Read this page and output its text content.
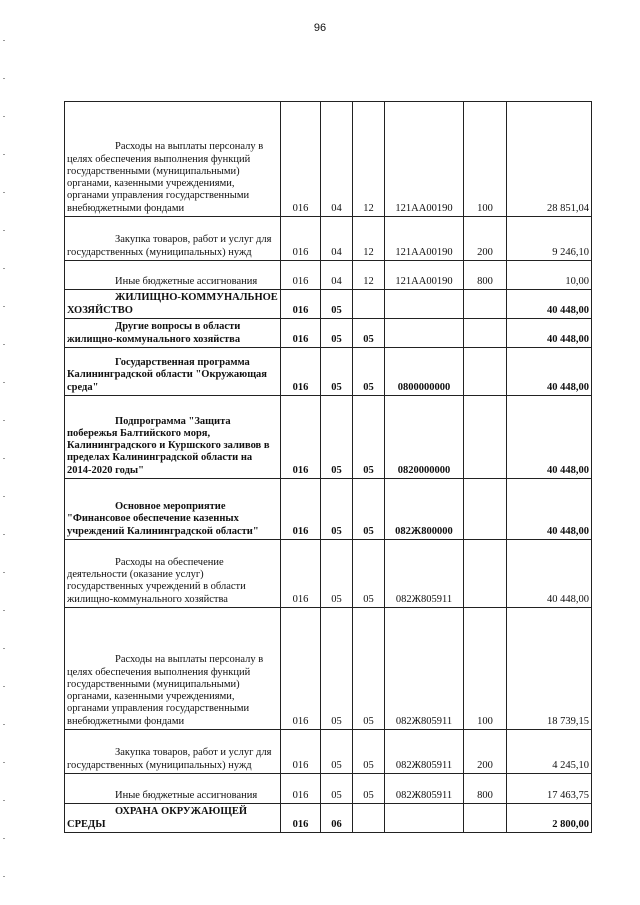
96
Расходы на выплаты персоналу в целях обеспечения выполнения функций государственными (муниципальными) органами, казенными учреждениями, органами управления государственными внебюджетными фондами	016	04	12	121AA00190	100	28 851,04
Закупка товаров, работ и услуг для государственных (муниципальных) нужд	016	04	12	121AA00190	200	9 246,10
Иные бюджетные ассигнования	016	04	12	121AA00190	800	10,00
ЖИЛИЩНО-КОММУНАЛЬНОЕ ХОЗЯЙСТВО	016	05				40 448,00
Другие вопросы в области жилищно-коммунального хозяйства	016	05	05			40 448,00
Государственная программа Калининградской области "Окружающая среда"	016	05	05	0800000000		40 448,00
Подпрограмма "Защита побережья Балтийского моря, Калининградского и Куршского заливов в пределах Калининградской области на 2014-2020 годы"	016	05	05	0820000000		40 448,00
Основное мероприятие "Финансовое обеспечение казенных учреждений Калининградской области"	016	05	05	082Ж800000		40 448,00
Расходы на обеспечение деятельности (оказание услуг) государственных учреждений в области жилищно-коммунального хозяйства	016	05	05	082Ж805911		40 448,00
Расходы на выплаты персоналу в целях обеспечения выполнения функций государственными (муниципальными) органами, казенными учреждениями, органами управления государственными внебюджетными фондами	016	05	05	082Ж805911	100	18 739,15
Закупка товаров, работ и услуг для государственных (муниципальных) нужд	016	05	05	082Ж805911	200	4 245,10
Иные бюджетные ассигнования	016	05	05	082Ж805911	800	17 463,75
ОХРАНА ОКРУЖАЮЩЕЙ СРЕДЫ	016	06				2 800,00
